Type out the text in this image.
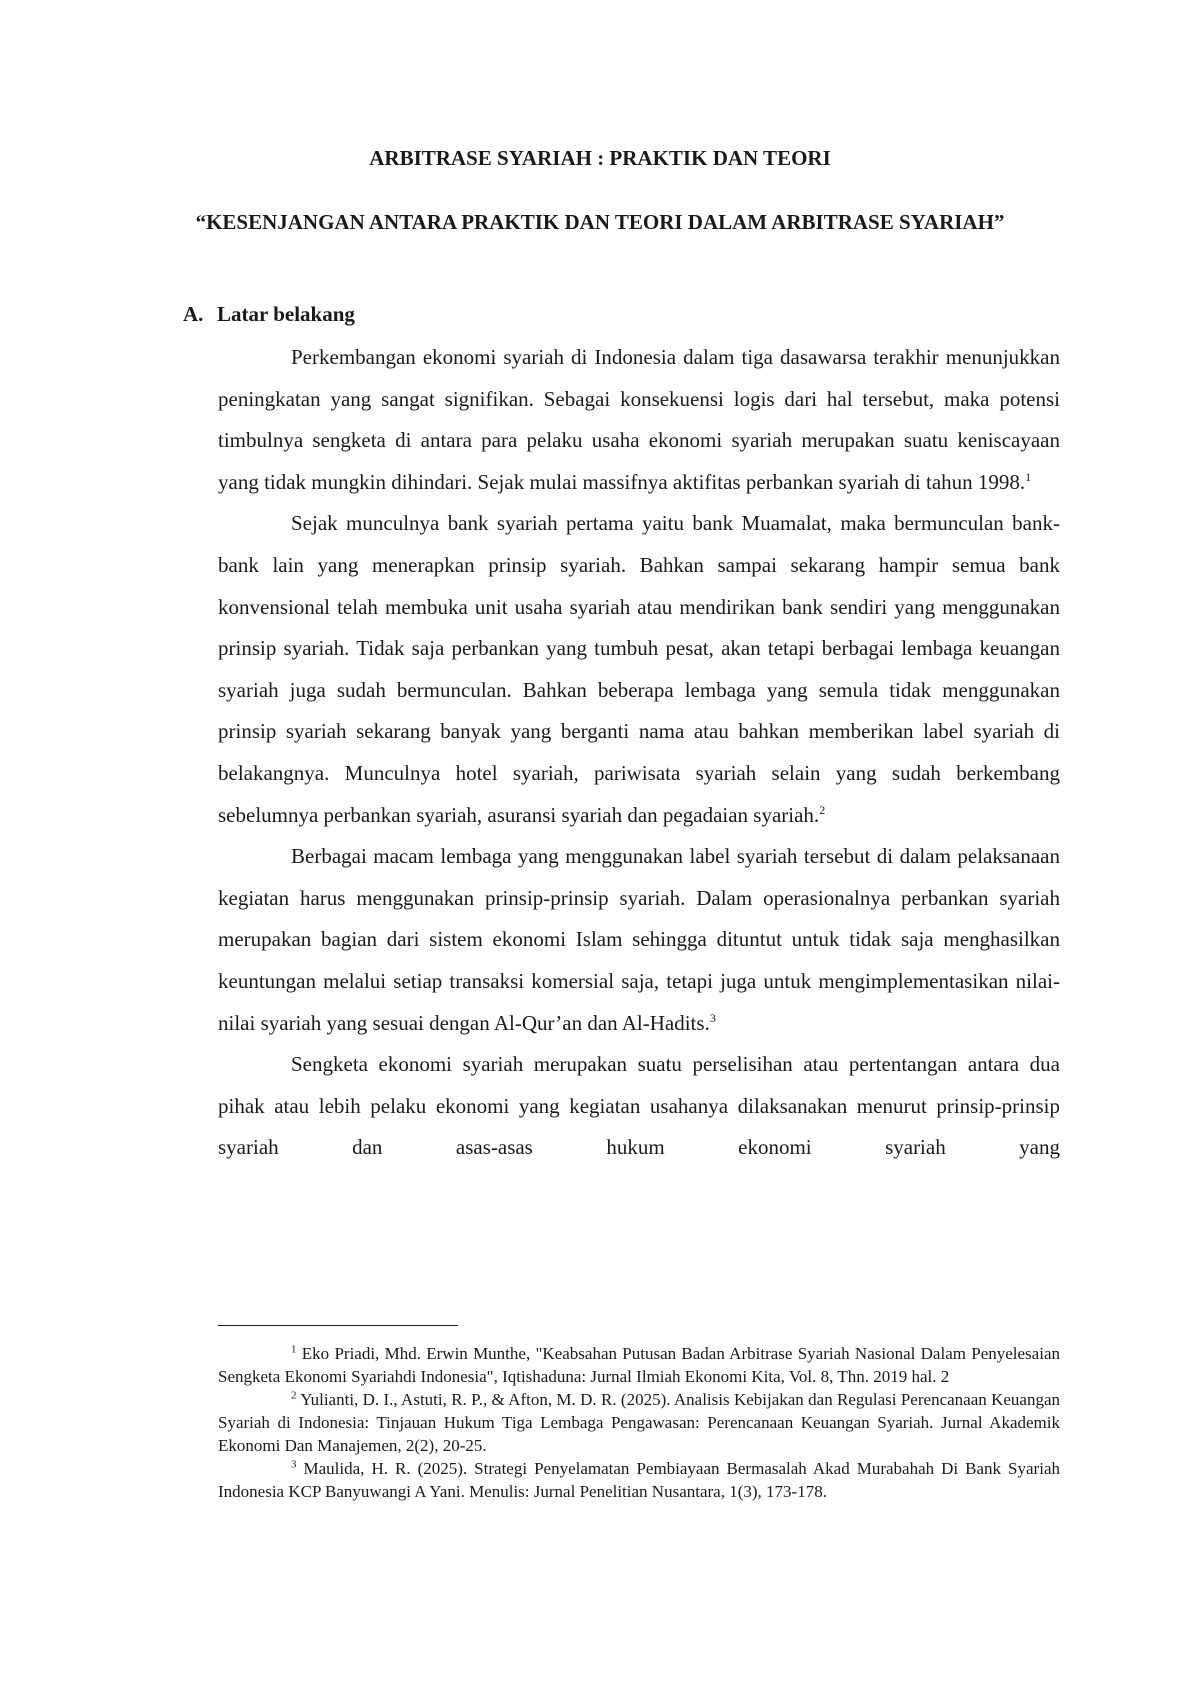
ARBITRASE SYARIAH : PRAKTIK DAN TEORI
“KESENJANGAN ANTARA PRAKTIK DAN TEORI DALAM ARBITRASE SYARIAH”
A. Latar belakang

Perkembangan ekonomi syariah di Indonesia dalam tiga dasawarsa terakhir menunjukkan peningkatan yang sangat signifikan. Sebagai konsekuensi logis dari hal tersebut, maka potensi timbulnya sengketa di antara para pelaku usaha ekonomi syariah merupakan suatu keniscayaan yang tidak mungkin dihindari. Sejak mulai massifnya aktifitas perbankan syariah di tahun 1998.$^1$

Sejak munculnya bank syariah pertama yaitu bank Muamalat, maka bermunculan bank-bank lain yang menerapkan prinsip syariah. Bahkan sampai sekarang hampir semua bank konvensional telah membuka unit usaha syariah atau mendirikan bank sendiri yang menggunakan prinsip syariah. Tidak saja perbankan yang tumbuh pesat, akan tetapi berbagai lembaga keuangan syariah juga sudah bermunculan. Bahkan beberapa lembaga yang semula tidak menggunakan prinsip syariah sekarang banyak yang berganti nama atau bahkan memberikan label syariah di belakangnya. Munculnya hotel syariah, pariwisata syariah selain yang sudah berkembang sebelumnya perbankan syariah, asuransi syariah dan pegadaian syariah.$^2$

Berbagai macam lembaga yang menggunakan label syariah tersebut di dalam pelaksanaan kegiatan harus menggunakan prinsip-prinsip syariah. Dalam operasionalnya perbankan syariah merupakan bagian dari sistem ekonomi Islam sehingga dituntut untuk tidak saja menghasilkan keuntungan melalui setiap transaksi komersial saja, tetapi juga untuk mengimplementasikan nilai-nilai syariah yang sesuai dengan Al-Qur’an dan Al-Hadits.$^3$

Sengketa ekonomi syariah merupakan suatu perselisihan atau pertentangan antara dua pihak atau lebih pelaku ekonomi yang kegiatan usahanya dilaksanakan menurut prinsip-prinsip syariah dan asas-asas hukum ekonomi syariah yang

$^1$ Eko Priadi, Mhd. Erwin Munthe, "Keabsahan Putusan Badan Arbitrase Syariah Nasional Dalam Penyelesaian Sengketa Ekonomi Syariahdi Indonesia", Iqtishaduna: Jurnal Ilmiah Ekonomi Kita, Vol. 8, Thn. 2019 hal. 2

$^2$ Yulianti, D. I., Astuti, R. P., & Afton, M. D. R. (2025). Analisis Kebijakan dan Regulasi Perencanaan Keuangan Syariah di Indonesia: Tinjauan Hukum Tiga Lembaga Pengawasan: Perencanaan Keuangan Syariah. Jurnal Akademik Ekonomi Dan Manajemen, 2(2), 20-25.

$^3$ Maulida, H. R. (2025). Strategi Penyelamatan Pembiayaan Bermasalah Akad Murabahah Di Bank Syariah Indonesia KCP Banyuwangi A Yani. Menulis: Jurnal Penelitian Nusantara, 1(3), 173-178.
